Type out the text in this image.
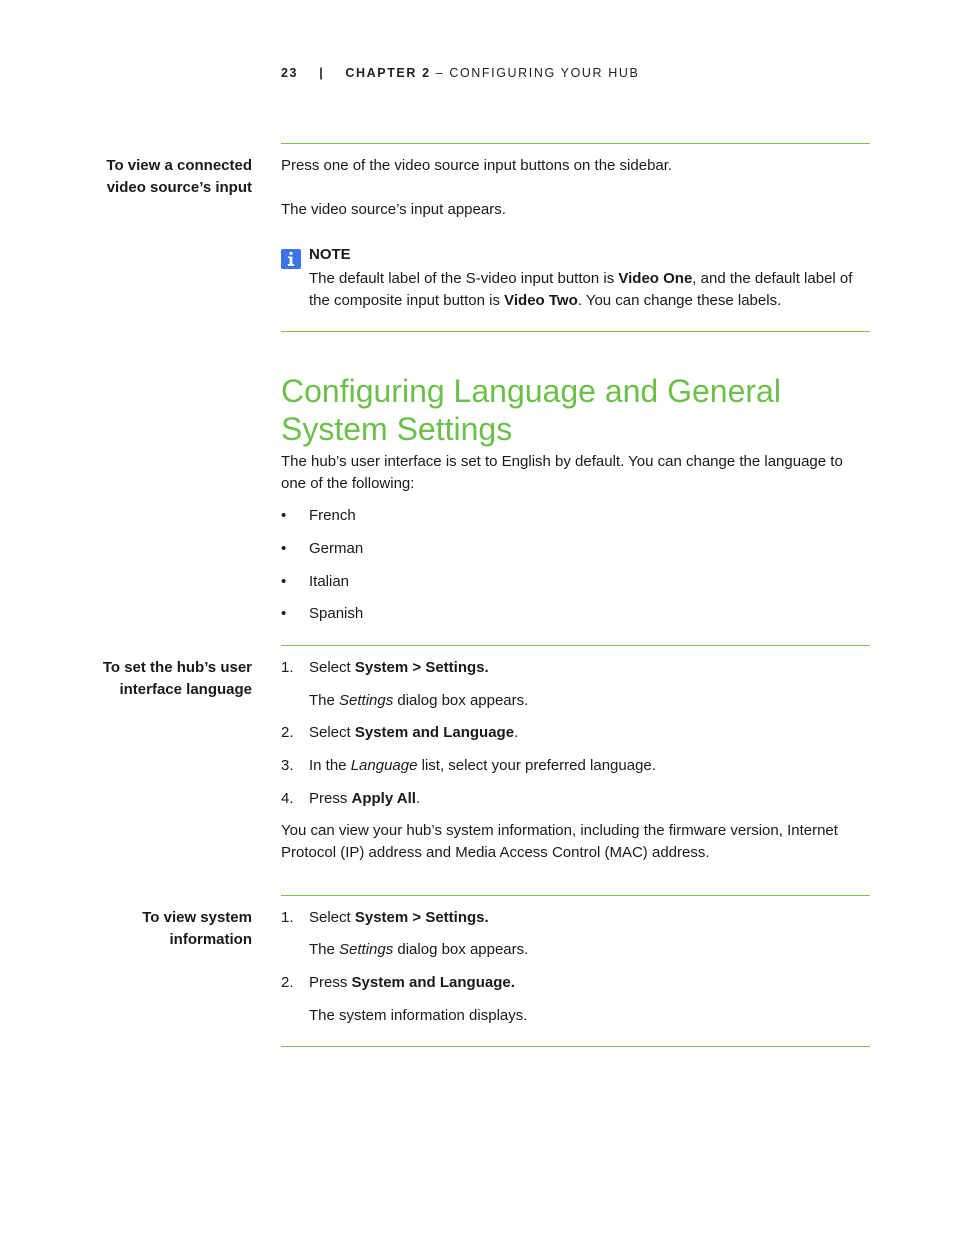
23 | CHAPTER 2 – CONFIGURING YOUR HUB
To view a connected
video source’s input
Press one of the video source input buttons on the sidebar.
The video source’s input appears.
NOTE
The default label of the S-video input button is Video One, and the default label of the composite input button is Video Two. You can change these labels.
Configuring Language and General
System Settings
The hub’s user interface is set to English by default. You can change the language to one of the following:
• French
• German
• Italian
• Spanish
To set the hub’s user
interface language
1. Select System > Settings.
The Settings dialog box appears.
2. Select System and Language.
3. In the Language list, select your preferred language.
4. Press Apply All.
You can view your hub’s system information, including the firmware version, Internet Protocol (IP) address and Media Access Control (MAC) address.
To view system
information
1. Select System > Settings.
The Settings dialog box appears.
2. Press System and Language.
The system information displays.
